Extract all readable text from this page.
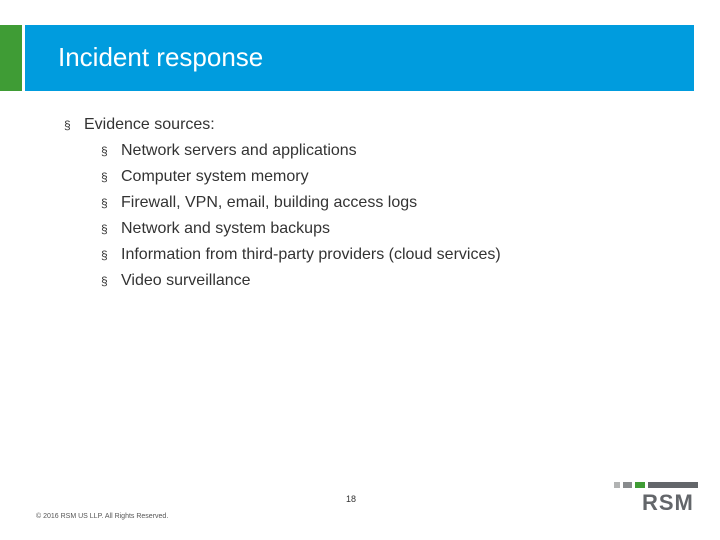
Incident response
§ Evidence sources:
§ Network servers and applications
§ Computer system memory
§ Firewall, VPN, email, building access logs
§ Network and system backups
§ Information from third-party providers (cloud services)
§ Video surveillance
18
© 2016 RSM US LLP. All Rights Reserved.
RSM
